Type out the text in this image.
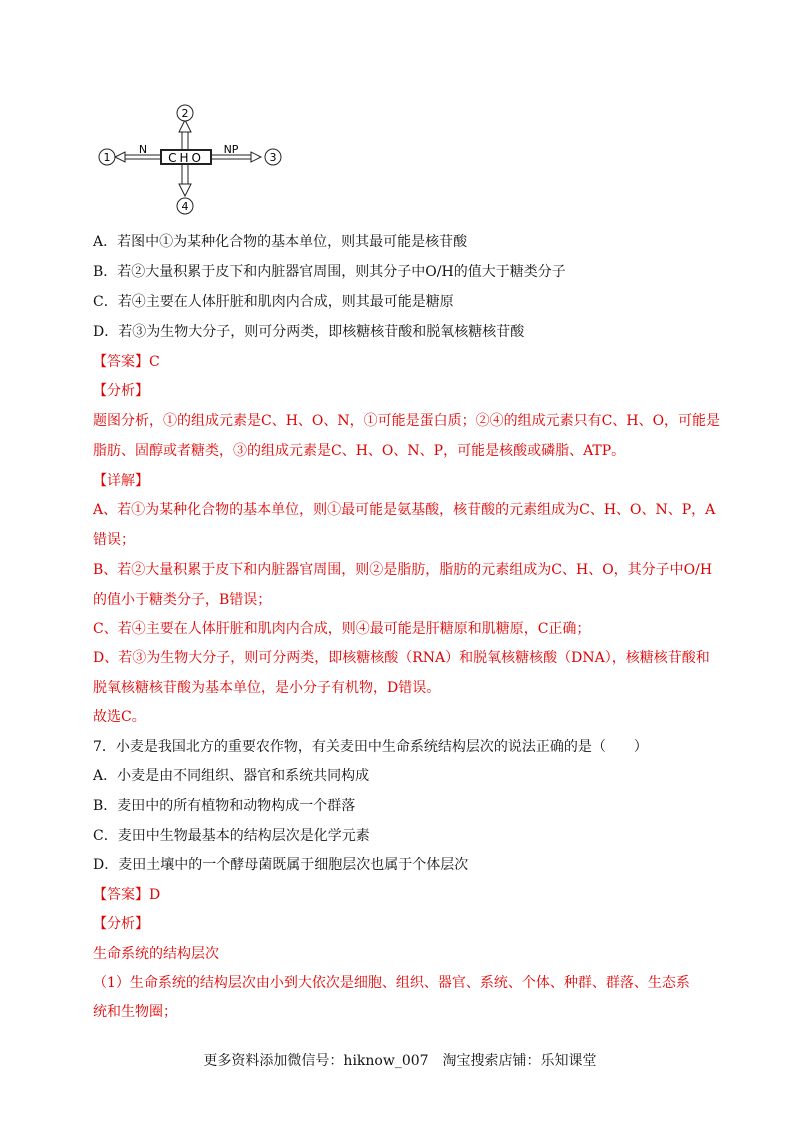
2
CHO
N
1
NP
3
4
A．若图中①为某种化合物的基本单位，则其最可能是核苷酸
B．若②大量积累于皮下和内脏器官周围，则其分子中O/H的值大于糖类分子
C．若④主要在人体肝脏和肌肉内合成，则其最可能是糖原
D．若③为生物大分子，则可分两类，即核糖核苷酸和脱氧核糖核苷酸
【答案】C
【分析】
题图分析，①的组成元素是C、H、O、N，①可能是蛋白质；②④的组成元素只有C、H、O，可能是
脂肪、固醇或者糖类，③的组成元素是C、H、O、N、P，可能是核酸或磷脂、ATP。
【详解】
A、若①为某种化合物的基本单位，则①最可能是氨基酸，核苷酸的元素组成为C、H、O、N、P，A
错误；
B、若②大量积累于皮下和内脏器官周围，则②是脂肪，脂肪的元素组成为C、H、O，其分子中O/H
的值小于糖类分子，B错误；
C、若④主要在人体肝脏和肌肉内合成，则④最可能是肝糖原和肌糖原，C正确；
D、若③为生物大分子，则可分两类，即核糖核酸（RNA）和脱氧核糖核酸（DNA），核糖核苷酸和
脱氧核糖核苷酸为基本单位，是小分子有机物，D错误。
故选C。
7．小麦是我国北方的重要农作物，有关麦田中生命系统结构层次的说法正确的是（　　）
A．小麦是由不同组织、器官和系统共同构成
B．麦田中的所有植物和动物构成一个群落
C．麦田中生物最基本的结构层次是化学元素
D．麦田土壤中的一个酵母菌既属于细胞层次也属于个体层次
【答案】D
【分析】
生命系统的结构层次
（1）生命系统的结构层次由小到大依次是细胞、组织、器官、系统、个体、种群、群落、生态系
统和生物圈；
更多资料添加微信号：hiknow_007　淘宝搜索店铺：乐知课堂
